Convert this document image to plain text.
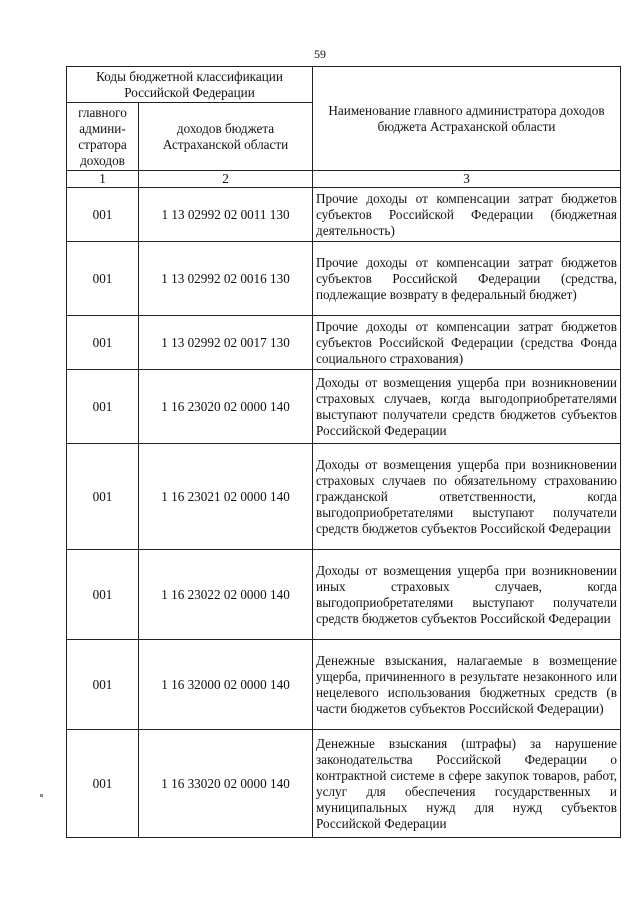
59
Коды бюджетной классификации Российской Федерации		Наименование главного администратора доходов бюджета Астраханской области
главного админи-стратора доходов	доходов бюджета Астраханской области	
1	2	3
001	1 13 02992 02 0011 130	Прочие доходы от компенсации затрат бюджетов субъектов Российской Федерации (бюджетная деятельность)
001	1 13 02992 02 0016 130	Прочие доходы от компенсации затрат бюджетов субъектов Российской Федерации (средства, подлежащие возврату в федеральный бюджет)
001	1 13 02992 02 0017 130	Прочие доходы от компенсации затрат бюджетов субъектов Российской Федерации (средства Фонда социального страхования)
001	1 16 23020 02 0000 140	Доходы от возмещения ущерба при возникновении страховых случаев, когда выгодоприобретателями выступают получатели средств бюджетов субъектов Российской Федерации
001	1 16 23021 02 0000 140	Доходы от возмещения ущерба при возникновении страховых случаев по обязательному страхованию гражданской ответственности, когда выгодоприобретателями выступают получатели средств бюджетов субъектов Российской Федерации
001	1 16 23022 02 0000 140	Доходы от возмещения ущерба при возникновении иных страховых случаев, когда выгодоприобретателями выступают получатели средств бюджетов субъектов Российской Федерации
001	1 16 32000 02 0000 140	Денежные взыскания, налагаемые в возмещение ущерба, причиненного в результате незаконного или нецелевого использования бюджетных средств (в части бюджетов субъектов Российской Федерации)
001	1 16 33020 02 0000 140	Денежные взыскания (штрафы) за нарушение законодательства Российской Федерации о контрактной системе в сфере закупок товаров, работ, услуг для обеспечения государственных и муниципальных нужд для нужд субъектов Российской Федерации
